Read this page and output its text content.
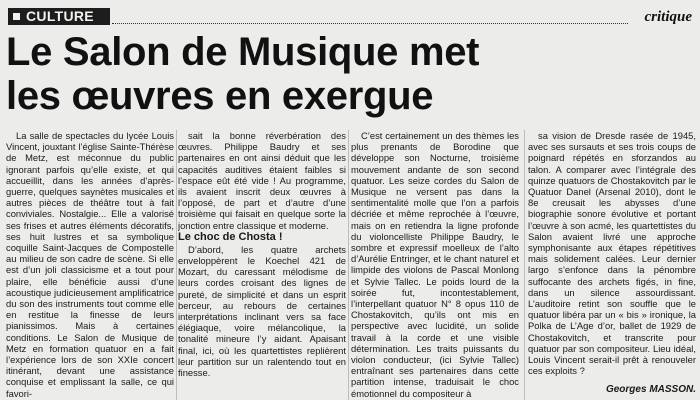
CULTURE	critique
Le Salon de Musique met
les œuvres en exergue

La salle de spectacles du lycée Louis Vincent, jouxtant l’église Sainte-Thérèse de Metz, est méconnue du public ignorant parfois qu’elle existe, et qui accueillit, dans les années d’après-guerre, quelques saynètes musicales et autres pièces de théâtre tout à fait conviviales. Nostalgie... Elle a valorisé ses frises et autres éléments décoratifs, ses huit lustres et sa symbolique coquille Saint-Jacques de Compostelle au milieu de son cadre de scène. Si elle est d’un joli classicisme et a tout pour plaire, elle bénéficie aussi d’une acoustique judicieusement amplificatrice du son des instruments tout comme elle en restitue la finesse de leurs pianissimos. Mais à certaines conditions. Le Salon de Musique de Metz en formation quatuor en a fait l’expérience lors de son XXIe concert itinérant, devant une assistance conquise et emplissant la salle, ce qui favori-

sait la bonne réverbération des œuvres. Philippe Baudry et ses partenaires en ont ainsi déduit que les capacités auditives étaient faibles si l’espace eût été vide ! Au programme, ils avaient inscrit deux œuvres à l’opposé, de part et d’autre d’une troisième qui faisait en quelque sorte la jonction entre classique et moderne.

Le choc de Chosta !

D’abord, les quatre archets enveloppèrent le Koechel 421 de Mozart, du caressant mélodisme de leurs cordes croisant des lignes de pureté, de simplicité et dans un esprit berceur, au rebours de certaines interprétations inclinant vers sa face élégiaque, voire mélancolique, la tonalité mineure l’y aidant. Apaisant final, ici, où les quartettistes replièrent leur partition sur un ralentendo tout en finesse.

C’est certainement un des thèmes les plus prenants de Borodine que développe son Nocturne, troisième mouvement andante de son second quatuor. Les seize cordes du Salon de Musique ne versent pas dans la sentimentalité molle que l’on a parfois décriée et même reprochée à l’œuvre, mais on en retiendra la ligne profonde du violoncelliste Philippe Baudry, le sombre et expressif moelleux de l’alto d’Aurélie Entringer, et le chant naturel et limpide des violons de Pascal Monlong et Sylvie Tallec. Le poids lourd de la soirée fut, incontestablement, l’interpellant quatuor N° 8 opus 110 de Chostakovitch, qu’ils ont mis en perspective avec lucidité, un solide travail à la corde et une visible détermination. Les traits puissants du violon conducteur, (ici Sylvie Tallec) entraînant ses partenaires dans cette partition intense, traduisait le choc émotionnel du compositeur à

sa vision de Dresde rasée de 1945, avec ses sursauts et ses trois coups de poignard répétés en sforzandos au talon. A comparer avec l’intégrale des quinze quatuors de Chostakovitch par le Quatuor Danel (Arsenal 2010), dont le 8e creusait les abysses d’une biographie sonore évolutive et portant l’œuvre à son acmé, les quartettistes du Salon avaient livré une approche symphonisante aux étapes répétitives mais solidement calées. Leur dernier largo s’enfonce dans la pénombre suffocante des archets figés, in fine, dans un silence assourdissant. L’auditoire retint son souffle que le quatuor libéra par un « bis » ironique, la Polka de L’Age d’or, ballet de 1929 de Chostakovitch, et transcrite pour quatuor par son compositeur. Lieu idéal, Louis Vincent serait-il prêt à renouveler ces exploits ?

Georges MASSON.
